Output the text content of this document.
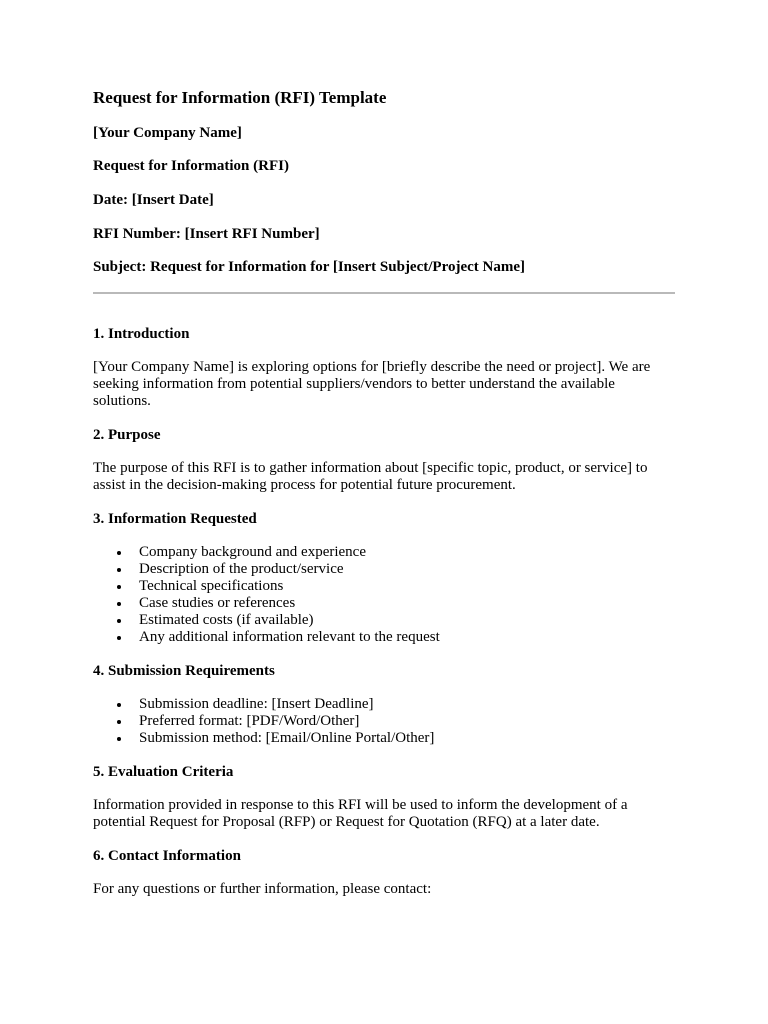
Request for Information (RFI) Template
[Your Company Name]
Request for Information (RFI)
Date: [Insert Date]
RFI Number: [Insert RFI Number]
Subject: Request for Information for [Insert Subject/Project Name]
1. Introduction

[Your Company Name] is exploring options for [briefly describe the need or project]. We are seeking information from potential suppliers/vendors to better understand the available solutions.

2. Purpose

The purpose of this RFI is to gather information about [specific topic, product, or service] to assist in the decision-making process for potential future procurement.

3. Information Requested
Company background and experience
Description of the product/service
Technical specifications
Case studies or references
Estimated costs (if available)
Any additional information relevant to the request
4. Submission Requirements
Submission deadline: [Insert Deadline]
Preferred format: [PDF/Word/Other]
Submission method: [Email/Online Portal/Other]
5. Evaluation Criteria

Information provided in response to this RFI will be used to inform the development of a potential Request for Proposal (RFP) or Request for Quotation (RFQ) at a later date.

6. Contact Information

For any questions or further information, please contact:
